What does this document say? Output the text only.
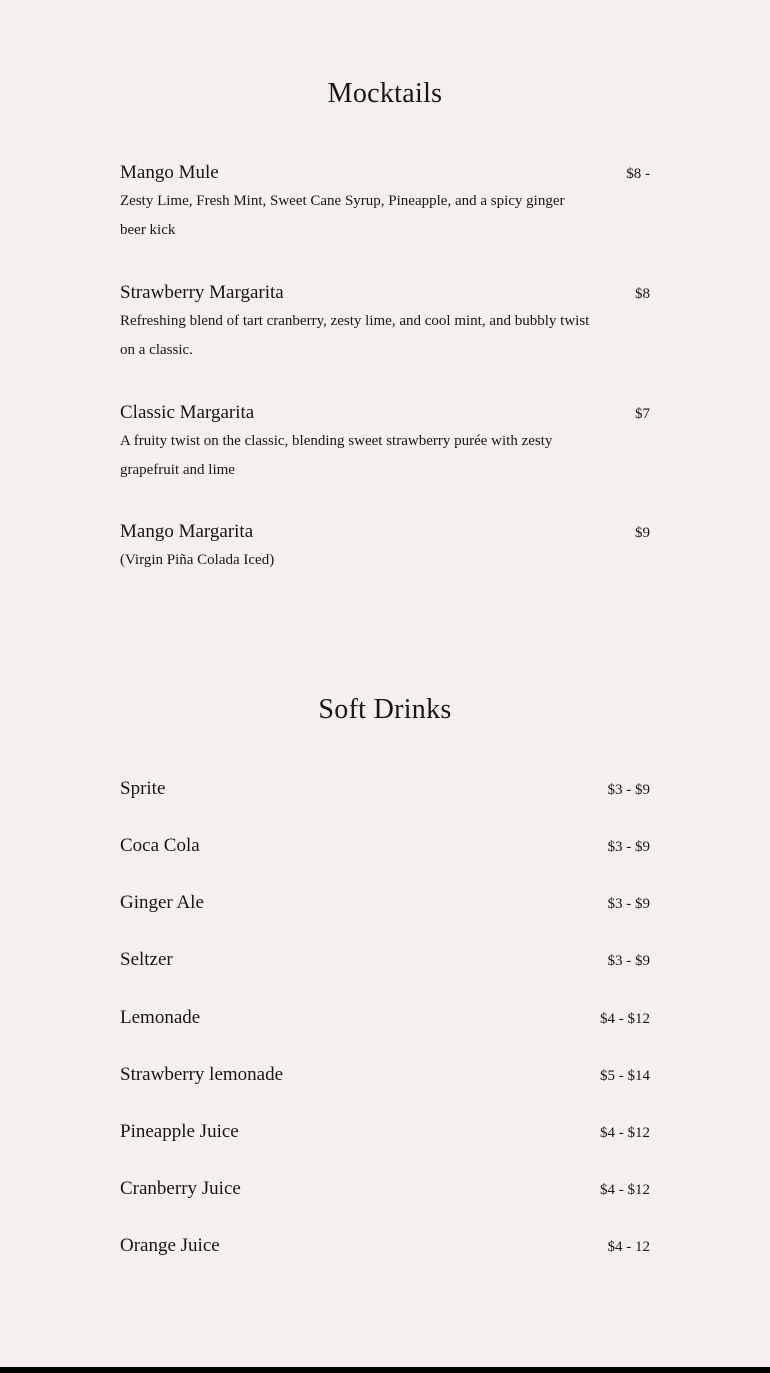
Mocktails
Mango Mule	$8 -
Zesty Lime, Fresh Mint, Sweet Cane Syrup, Pineapple, and a spicy ginger beer kick
Strawberry Margarita	$8
Refreshing blend of tart cranberry, zesty lime, and cool mint, and bubbly twist on a classic.
Classic Margarita	$7
A fruity twist on the classic, blending sweet strawberry purée with zesty grapefruit and lime
Mango Margarita	$9
(Virgin Piña Colada Iced)
Soft Drinks
Sprite	$3 - $9
Coca Cola	$3 - $9
Ginger Ale	$3 - $9
Seltzer	$3 - $9
Lemonade	$4 - $12
Strawberry lemonade	$5 - $14
Pineapple Juice	$4 - $12
Cranberry Juice	$4 - $12
Orange Juice	$4 - 12
